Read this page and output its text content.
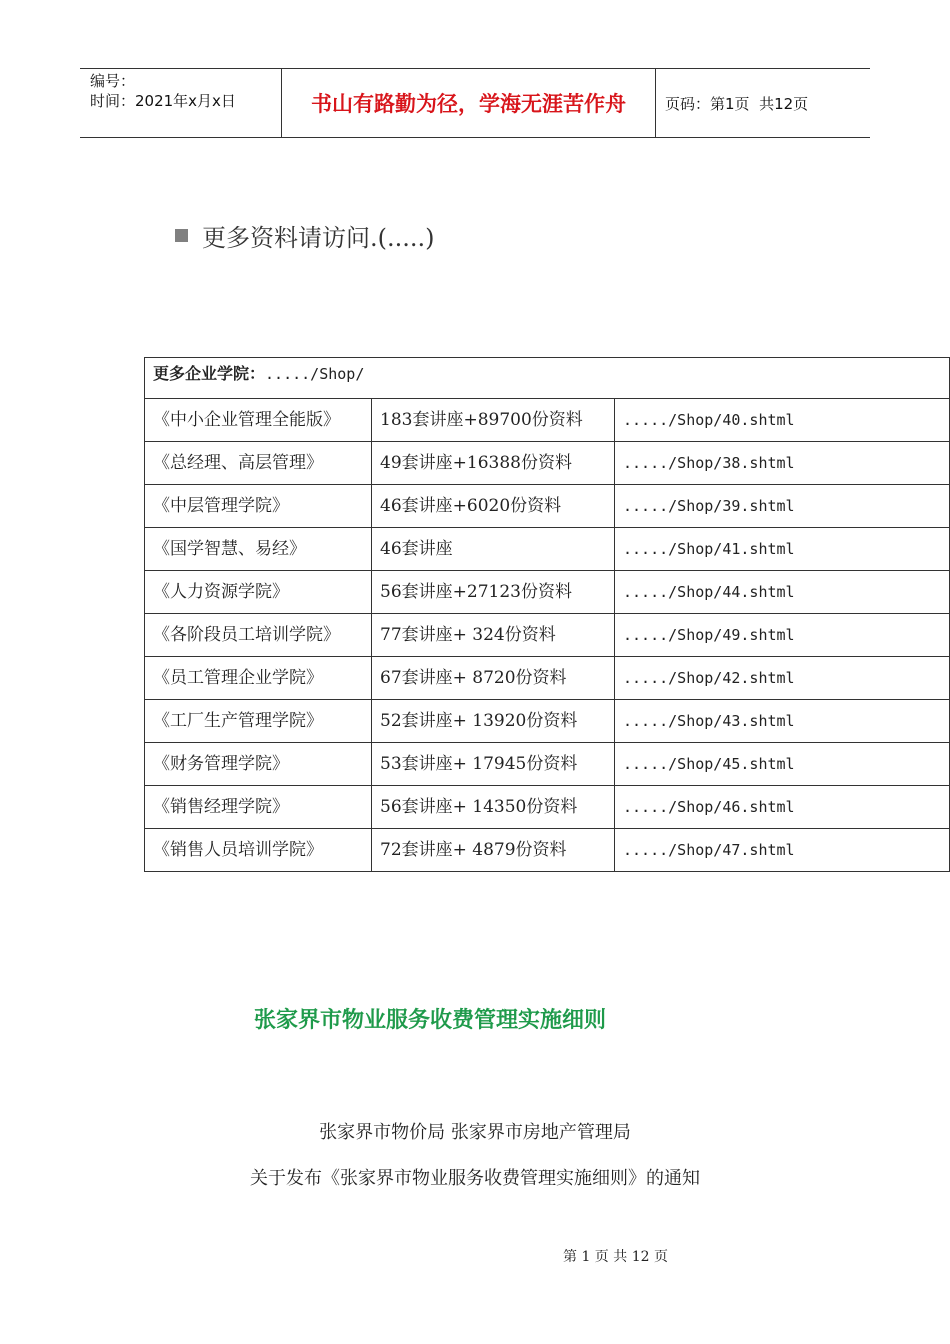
编号：
时间：2021年x月x日	书山有路勤为径，学海无涯苦作舟	页码：第1页  共12页
更多资料请访问.(.....)
更多企业学院：...../Shop/		
《中小企业管理全能版》	183套讲座+89700份资料	...../Shop/40.shtml
《总经理、高层管理》	49套讲座+16388份资料	...../Shop/38.shtml
《中层管理学院》	46套讲座+6020份资料	...../Shop/39.shtml
《国学智慧、易经》	46套讲座	...../Shop/41.shtml
《人力资源学院》	56套讲座+27123份资料	...../Shop/44.shtml
《各阶段员工培训学院》	77套讲座+ 324份资料	...../Shop/49.shtml
《员工管理企业学院》	67套讲座+ 8720份资料	...../Shop/42.shtml
《工厂生产管理学院》	52套讲座+ 13920份资料	...../Shop/43.shtml
《财务管理学院》	53套讲座+ 17945份资料	...../Shop/45.shtml
《销售经理学院》	56套讲座+ 14350份资料	...../Shop/46.shtml
《销售人员培训学院》	72套讲座+ 4879份资料	...../Shop/47.shtml
张家界市物业服务收费管理实施细则
张家界市物价局 张家界市房地产管理局
关于发布《张家界市物业服务收费管理实施细则》的通知
第 1 页 共 12 页
